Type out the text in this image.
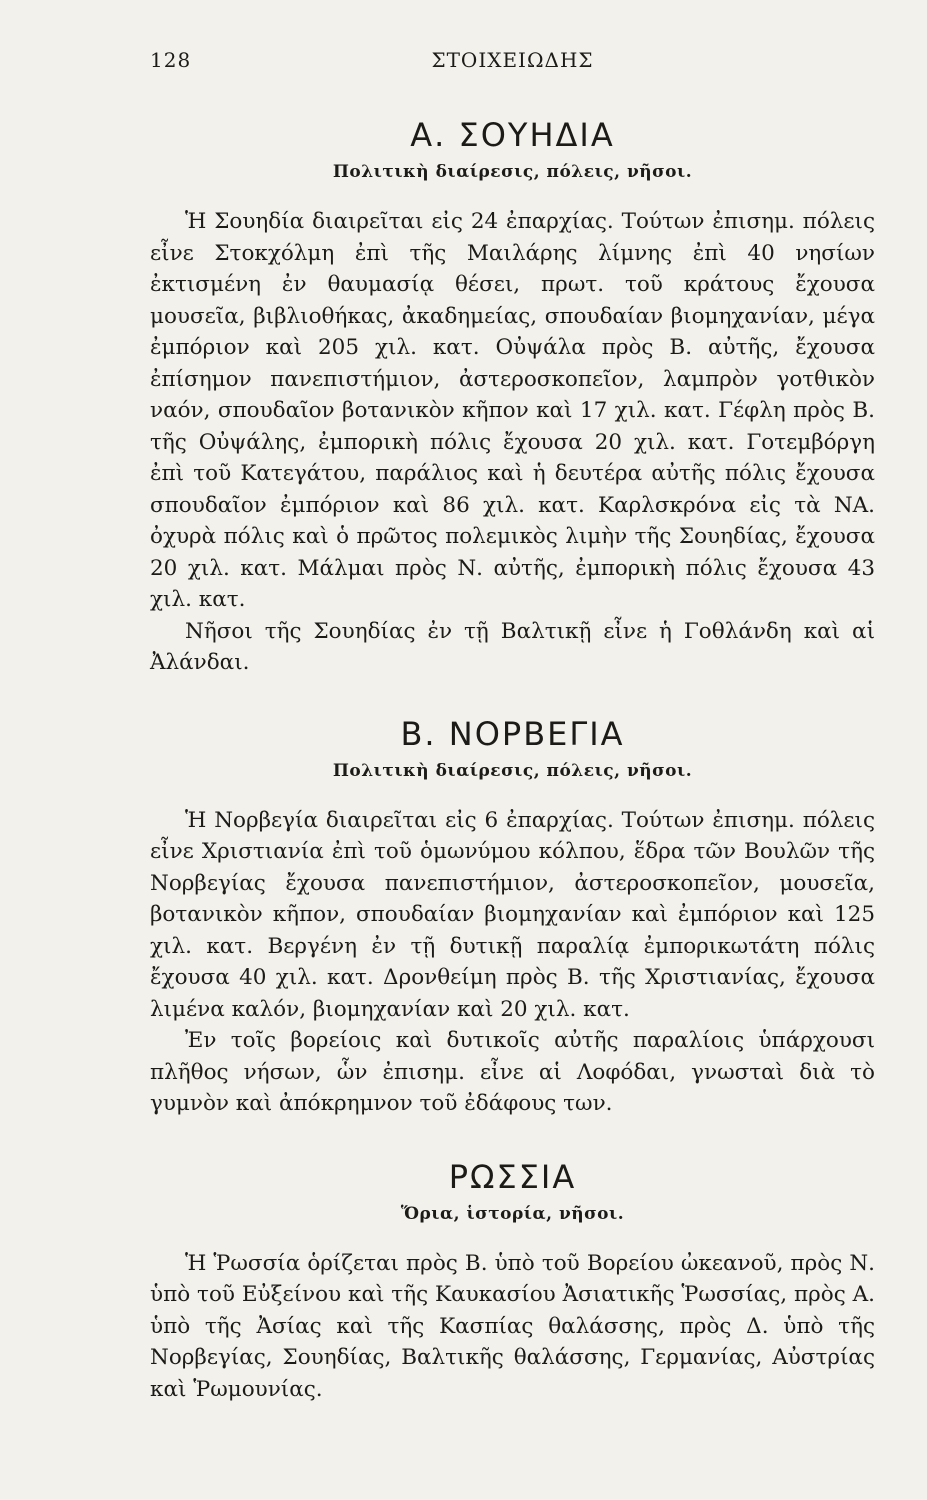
128	ΣΤΟΙΧΕΙΩΔΗΣ
Α. ΣΟΥΗΔΙΑ
Πολιτικὴ διαίρεσις, πόλεις, νῆσοι.

Ἡ Σουηδία διαιρεῖται εἰς 24 ἐπαρχίας. Τούτων ἐπισημ. πόλεις εἶνε Στοκχόλμη ἐπὶ τῆς Μαιλάρης λίμνης ἐπὶ 40 νησίων ἐκτισμένη ἐν θαυμασίᾳ θέσει, πρωτ. τοῦ κράτους ἔχουσα μουσεῖα, βιβλιοθήκας, ἀκαδημείας, σπουδαίαν βιομηχανίαν, μέγα ἐμπόριον καὶ 205 χιλ. κατ. Οὐψάλα πρὸς Β. αὐτῆς, ἔχουσα ἐπίσημον πανεπιστήμιον, ἀστεροσκοπεῖον, λαμπρὸν γοτθικὸν ναόν, σπουδαῖον βοτανικὸν κῆπον καὶ 17 χιλ. κατ. Γέφλη πρὸς Β. τῆς Οὐψάλης, ἐμπορικὴ πόλις ἔχουσα 20 χιλ. κατ. Γοτεμβόργη ἐπὶ τοῦ Κατεγάτου, παράλιος καὶ ἡ δευτέρα αὐτῆς πόλις ἔχουσα σπουδαῖον ἐμπόριον καὶ 86 χιλ. κατ. Καρλσκρόνα εἰς τὰ ΝΑ. ὀχυρὰ πόλις καὶ ὁ πρῶτος πολεμικὸς λιμὴν τῆς Σουηδίας, ἔχουσα 20 χιλ. κατ. Μάλμαι πρὸς Ν. αὐτῆς, ἐμπορικὴ πόλις ἔχουσα 43 χιλ. κατ.

Νῆσοι τῆς Σουηδίας ἐν τῇ Βαλτικῇ εἶνε ἡ Γοθλάνδη καὶ αἱ Ἀλάνδαι.

Β. ΝΟΡΒΕΓΙΑ
Πολιτικὴ διαίρεσις, πόλεις, νῆσοι.

Ἡ Νορβεγία διαιρεῖται εἰς 6 ἐπαρχίας. Τούτων ἐπισημ. πόλεις εἶνε Χριστιανία ἐπὶ τοῦ ὁμωνύμου κόλπου, ἕδρα τῶν Βουλῶν τῆς Νορβεγίας ἔχουσα πανεπιστήμιον, ἀστεροσκοπεῖον, μουσεῖα, βοτανικὸν κῆπον, σπουδαίαν βιομηχανίαν καὶ ἐμπόριον καὶ 125 χιλ. κατ. Βεργένη ἐν τῇ δυτικῇ παραλίᾳ ἐμπορικωτάτη πόλις ἔχουσα 40 χιλ. κατ. Δρονθείμη πρὸς Β. τῆς Χριστιανίας, ἔχουσα λιμένα καλόν, βιομηχανίαν καὶ 20 χιλ. κατ.

Ἐν τοῖς βορείοις καὶ δυτικοῖς αὐτῆς παραλίοις ὑπάρχουσι πλῆθος νήσων, ὧν ἐπισημ. εἶνε αἱ Λοφόδαι, γνωσταὶ διὰ τὸ γυμνὸν καὶ ἀπόκρημνον τοῦ ἐδάφους των.

ΡΩΣΣΙΑ
Ὅρια, ἱστορία, νῆσοι.

Ἡ Ῥωσσία ὁρίζεται πρὸς Β. ὑπὸ τοῦ Βορείου ὠκεανοῦ, πρὸς Ν. ὑπὸ τοῦ Εὐξείνου καὶ τῆς Καυκασίου Ἀσιατικῆς Ῥωσσίας, πρὸς Α. ὑπὸ τῆς Ἀσίας καὶ τῆς Κασπίας θαλάσσης, πρὸς Δ. ὑπὸ τῆς Νορβεγίας, Σουηδίας, Βαλτικῆς θαλάσσης, Γερμανίας, Αὐστρίας καὶ Ῥωμουνίας.
